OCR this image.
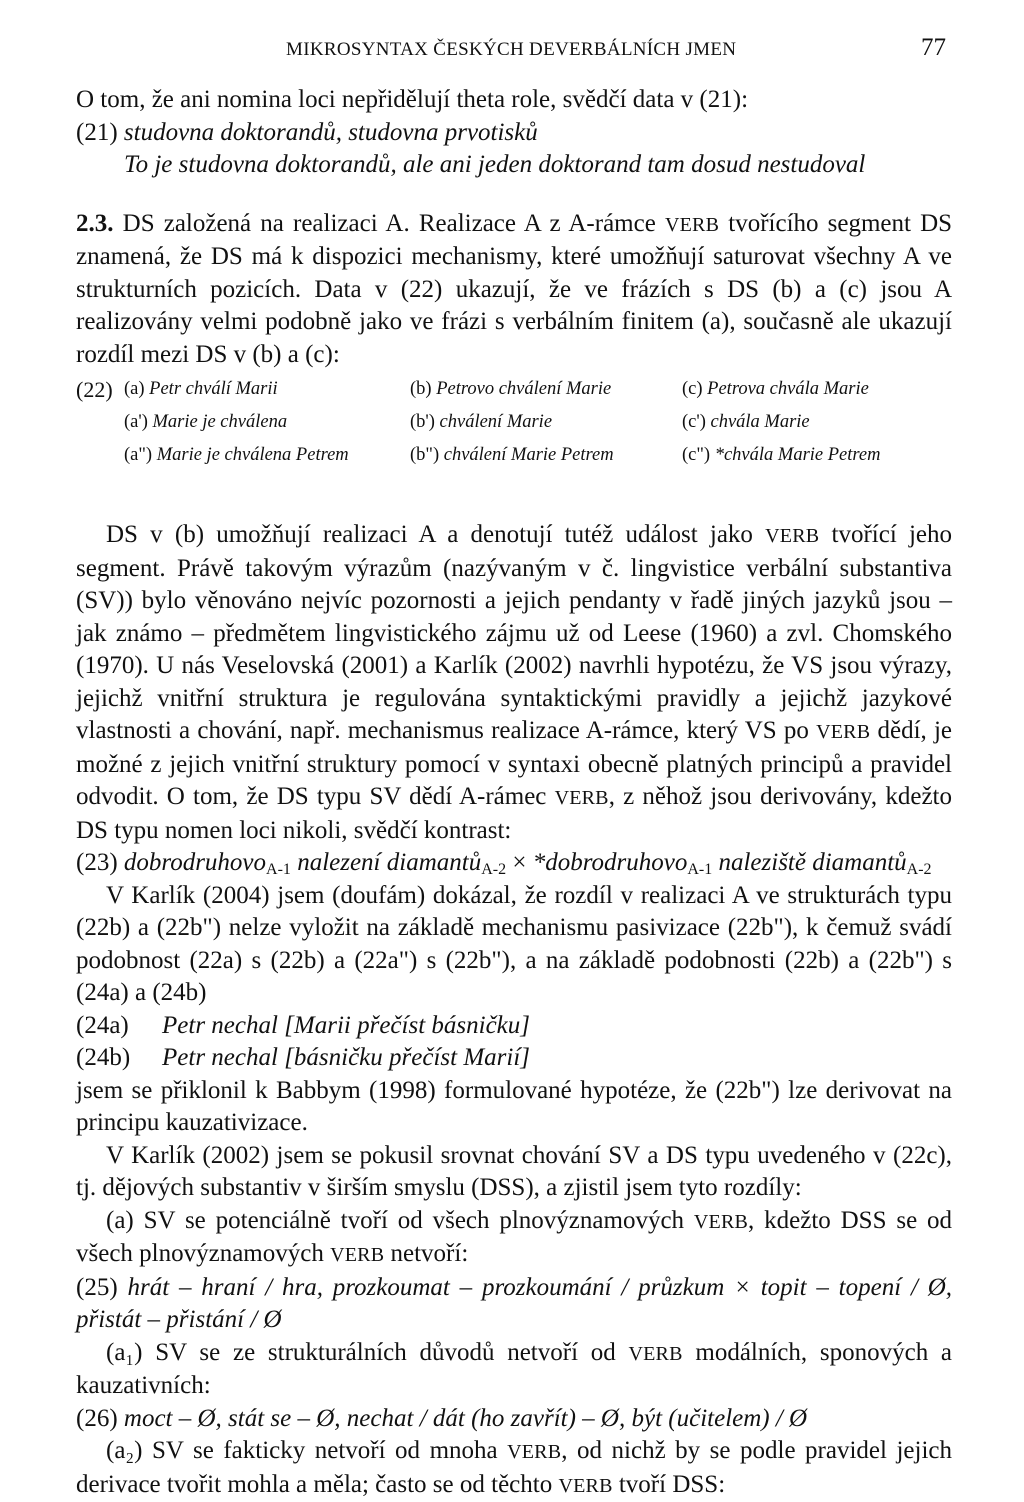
MIKROSYNTAX ČESKÝCH DEVERBÁLNÍCH JMEN	77

O tom, že ani nomina loci nepřidělují theta role, svědčí data v (21):

(21) studovna doktorandů, studovna prvotisků
To je studovna doktorandů, ale ani jeden doktorand tam dosud nestudoval

2.3. DS založená na realizaci A. Realizace A z A-rámce VERB tvořícího segment DS znamená, že DS má k dispozici mechanismy, které umožňují saturovat všechny A ve strukturních pozicích. Data v (22) ukazují, že ve frázích s DS (b) a (c) jsou A realizovány velmi podobně jako ve frázi s verbálním finitem (a), současně ale ukazují rozdíl mezi DS v (b) a (c):

(22) (a) Petr chválí Marii	(b) Petrovo chválení Marie	(c) Petrova chvála Marie
(a') Marie je chválena	(b') chválení Marie	(c') chvála Marie
(a") Marie je chválena Petrem	(b") chválení Marie Petrem	(c") *chvála Marie Petrem

DS v (b) umožňují realizaci A a denotují tutéž událost jako VERB tvořící jeho segment. Právě takovým výrazům (nazývaným v č. lingvistice verbální substantiva (SV)) bylo věnováno nejvíc pozornosti a jejich pendanty v řadě jiných jazyků jsou – jak známo – předmětem lingvistického zájmu už od Leese (1960) a zvl. Chomského (1970). U nás Veselovská (2001) a Karlík (2002) navrhli hypotézu, že VS jsou výrazy, jejichž vnitřní struktura je regulována syntaktickými pravidly a jejichž jazykové vlastnosti a chování, např. mechanismus realizace A-rámce, který VS po VERB dědí, je možné z jejich vnitřní struktury pomocí v syntaxi obecně platných principů a pravidel odvodit. O tom, že DS typu SV dědí A-rámec VERB, z něhož jsou derivovány, kdežto DS typu nomen loci nikoli, svědčí kontrast:

(23) dobrodruhovo$_{A-1}$ nalezení diamantů$_{A-2}$ × *dobrodruhovo$_{A-1}$ naleziště diamantů$_{A-2}$

V Karlík (2004) jsem (doufám) dokázal, že rozdíl v realizaci A ve strukturách typu (22b) a (22b") nelze vyložit na základě mechanismu pasivizace (22b"), k čemuž svádí podobnost (22a) s (22b) a (22a") s (22b"), a na základě podobnosti (22b) a (22b") s (24a) a (24b)

(24a) Petr nechal [Marii přečíst básničku]
(24b) Petr nechal [básničku přečíst Marií]

jsem se přiklonil k Babbym (1998) formulované hypotéze, že (22b") lze derivovat na principu kauzativizace.

V Karlík (2002) jsem se pokusil srovnat chování SV a DS typu uvedeného v (22c), tj. dějových substantiv v širším smyslu (DSS), a zjistil jsem tyto rozdíly:

(a) SV se potenciálně tvoří od všech plnovýznamových VERB, kdežto DSS se od všech plnovýznamových VERB netvoří:

(25) hrát – hraní / hra, prozkoumat – prozkoumání / průzkum × topit – topení / Ø, přistát – přistání / Ø

(a₁) SV se ze strukturálních důvodů netvoří od VERB modálních, sponových a kauzativních:

(26) moct – Ø, stát se – Ø, nechat / dát (ho zavřít) – Ø, být (učitelem) / Ø

(a₂) SV se fakticky netvoří od mnoha VERB, od nichž by se podle pravidel jejich derivace tvořit mohla a měla; často se od těchto VERB tvoří DSS:
